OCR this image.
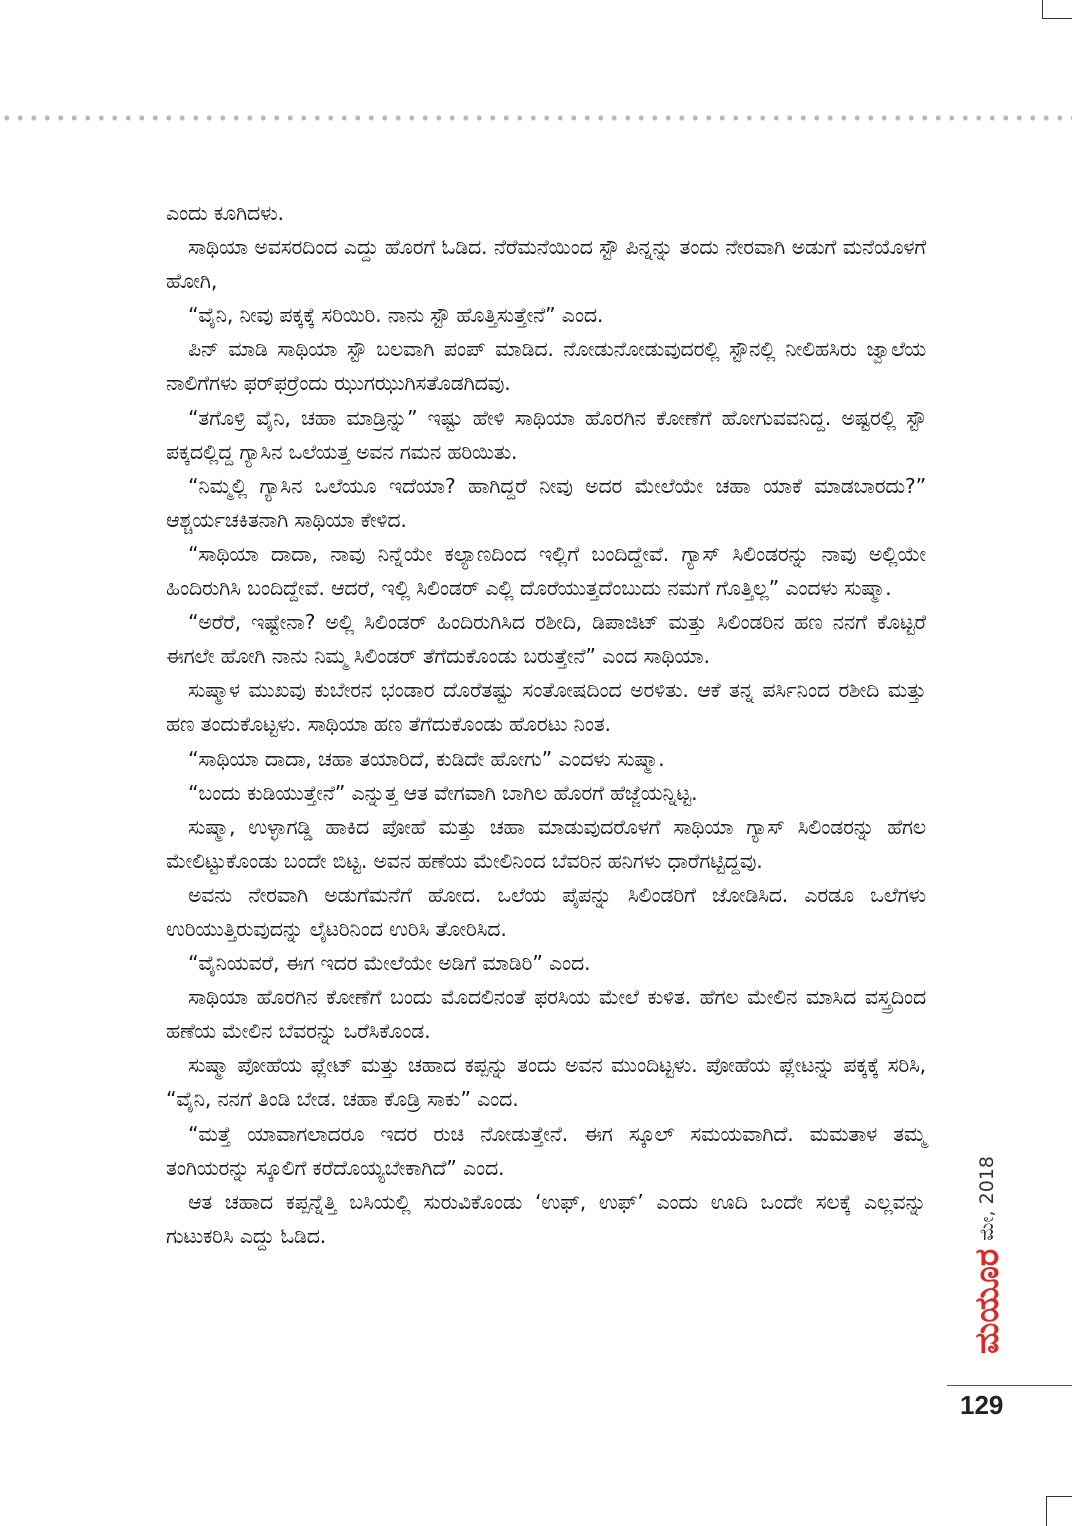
ಎಂದು ಕೂಗಿದಳು.

ಸಾಥಿಯಾ ಅವಸರದಿಂದ ಎದ್ದು ಹೊರಗೆ ಓಡಿದ. ನೆರೆಮನೆಯಿಂದ ಸ್ಟೌ ಪಿನ್ನನ್ನು ತಂದು ನೇರವಾಗಿ ಅಡುಗೆ ಮನೆಯೊಳಗೆ ಹೋಗಿ,

“ವೈನಿ, ನೀವು ಪಕ್ಕಕ್ಕೆ ಸರಿಯಿರಿ. ನಾನು ಸ್ಟೌ ಹೊತ್ತಿಸುತ್ತೇನೆ” ಎಂದ.

ಪಿನ್ ಮಾಡಿ ಸಾಥಿಯಾ ಸ್ಟೌ ಬಲವಾಗಿ ಪಂಪ್ ಮಾಡಿದ. ನೋಡುನೋಡುವುದರಲ್ಲಿ ಸ್ಟೌನಲ್ಲಿ ನೀಲಿಹಸಿರು ಜ್ವಾಲೆಯ ನಾಲಿಗೆಗಳು ಫರ್‌ಫರ್ರೆಂದು ಝುಗಝುಗಿಸತೊಡಗಿದವು.

“ತಗೊಳ್ರಿ ವೈನಿ, ಚಹಾ ಮಾಡ್ರಿನ್ನು” ಇಷ್ಟು ಹೇಳಿ ಸಾಥಿಯಾ ಹೊರಗಿನ ಕೋಣೆಗೆ ಹೋಗುವವನಿದ್ದ. ಅಷ್ಟರಲ್ಲಿ ಸ್ಟೌ ಪಕ್ಕದಲ್ಲಿದ್ದ ಗ್ಯಾಸಿನ ಒಲೆಯತ್ತ ಅವನ ಗಮನ ಹರಿಯಿತು.

“ನಿಮ್ಮಲ್ಲಿ ಗ್ಯಾಸಿನ ಒಲೆಯೂ ಇದೆಯಾ? ಹಾಗಿದ್ದರೆ ನೀವು ಅದರ ಮೇಲೆಯೇ ಚಹಾ ಯಾಕೆ ಮಾಡಬಾರದು?” ಆಶ್ಚರ್ಯಚಕಿತನಾಗಿ ಸಾಥಿಯಾ ಕೇಳಿದ.

“ಸಾಥಿಯಾ ದಾದಾ, ನಾವು ನಿನ್ನೆಯೇ ಕಲ್ಯಾಣದಿಂದ ಇಲ್ಲಿಗೆ ಬಂದಿದ್ದೇವೆ. ಗ್ಯಾಸ್ ಸಿಲಿಂಡರನ್ನು ನಾವು ಅಲ್ಲಿಯೇ ಹಿಂದಿರುಗಿಸಿ ಬಂದಿದ್ದೇವೆ. ಆದರೆ, ಇಲ್ಲಿ ಸಿಲಿಂಡರ್ ಎಲ್ಲಿ ದೊರೆಯುತ್ತದೆಂಬುದು ನಮಗೆ ಗೊತ್ತಿಲ್ಲ” ಎಂದಳು ಸುಷ್ಮಾ.

“ಅರೆರೆ, ಇಷ್ಟೇನಾ? ಅಲ್ಲಿ ಸಿಲಿಂಡರ್ ಹಿಂದಿರುಗಿಸಿದ ರಶೀದಿ, ಡಿಪಾಜಿಟ್ ಮತ್ತು ಸಿಲಿಂಡರಿನ ಹಣ ನನಗೆ ಕೊಟ್ಟರೆ ಈಗಲೇ ಹೋಗಿ ನಾನು ನಿಮ್ಮ ಸಿಲಿಂಡರ್ ತೆಗೆದುಕೊಂಡು ಬರುತ್ತೇನೆ” ಎಂದ ಸಾಥಿಯಾ.

ಸುಷ್ಮಾಳ ಮುಖವು ಕುಬೇರನ ಭಂಡಾರ ದೊರೆತಷ್ಟು ಸಂತೋಷದಿಂದ ಅರಳಿತು. ಆಕೆ ತನ್ನ ಪರ್ಸಿನಿಂದ ರಶೀದಿ ಮತ್ತು ಹಣ ತಂದುಕೊಟ್ಟಳು. ಸಾಥಿಯಾ ಹಣ ತೆಗೆದುಕೊಂಡು ಹೊರಟು ನಿಂತ.

“ಸಾಥಿಯಾ ದಾದಾ, ಚಹಾ ತಯಾರಿದೆ, ಕುಡಿದೇ ಹೋಗು” ಎಂದಳು ಸುಷ್ಮಾ.

“ಬಂದು ಕುಡಿಯುತ್ತೇನೆ” ಎನ್ನುತ್ತ ಆತ ವೇಗವಾಗಿ ಬಾಗಿಲ ಹೊರಗೆ ಹೆಜ್ಜೆಯನ್ನಿಟ್ಟ.

ಸುಷ್ಮಾ, ಉಳ್ಳಾಗಡ್ಡಿ ಹಾಕಿದ ಪೋಹೆ ಮತ್ತು ಚಹಾ ಮಾಡುವುದರೊಳಗೆ ಸಾಥಿಯಾ ಗ್ಯಾಸ್ ಸಿಲಿಂಡರನ್ನು ಹೆಗಲ ಮೇಲಿಟ್ಟುಕೊಂಡು ಬಂದೇ ಬಿಟ್ಟ. ಅವನ ಹಣೆಯ ಮೇಲಿನಿಂದ ಬೆವರಿನ ಹನಿಗಳು ಧಾರೆಗಟ್ಟಿದ್ದವು.

ಅವನು ನೇರವಾಗಿ ಅಡುಗೆಮನೆಗೆ ಹೋದ. ಒಲೆಯ ಪೈಪನ್ನು ಸಿಲಿಂಡರಿಗೆ ಜೋಡಿಸಿದ. ಎರಡೂ ಒಲೆಗಳು ಉರಿಯುತ್ತಿರುವುದನ್ನು ಲೈಟರಿನಿಂದ ಉರಿಸಿ ತೋರಿಸಿದ.

“ವೈನಿಯವರೆ, ಈಗ ಇದರ ಮೇಲೆಯೇ ಅಡಿಗೆ ಮಾಡಿರಿ” ಎಂದ.

ಸಾಥಿಯಾ ಹೊರಗಿನ ಕೋಣೆಗೆ ಬಂದು ಮೊದಲಿನಂತೆ ಫರಸಿಯ ಮೇಲೆ ಕುಳಿತ. ಹೆಗಲ ಮೇಲಿನ ಮಾಸಿದ ವಸ್ತ್ರದಿಂದ ಹಣೆಯ ಮೇಲಿನ ಬೆವರನ್ನು ಒರೆಸಿಕೊಂಡ.

ಸುಷ್ಮಾ ಪೋಹೆಯ ಪ್ಲೇಟ್ ಮತ್ತು ಚಹಾದ ಕಪ್ಪನ್ನು ತಂದು ಅವನ ಮುಂದಿಟ್ಟಳು. ಪೋಹೆಯ ಪ್ಲೇಟನ್ನು ಪಕ್ಕಕ್ಕೆ ಸರಿಸಿ, “ವೈನಿ, ನನಗೆ ತಿಂಡಿ ಬೇಡ. ಚಹಾ ಕೊಡ್ರಿ ಸಾಕು” ಎಂದ.

“ಮತ್ತೆ ಯಾವಾಗಲಾದರೂ ಇದರ ರುಚಿ ನೋಡುತ್ತೇನೆ. ಈಗ ಸ್ಕೂಲ್ ಸಮಯವಾಗಿದೆ. ಮಮತಾಳ ತಮ್ಮ ತಂಗಿಯರನ್ನು ಸ್ಕೂಲಿಗೆ ಕರೆದೊಯ್ಯಬೇಕಾಗಿದೆ” ಎಂದ.

ಆತ ಚಹಾದ ಕಪ್ಪನ್ನೆತ್ತಿ ಬಸಿಯಲ್ಲಿ ಸುರುವಿಕೊಂಡು ‘ಉಫ್, ಉಫ್’ ಎಂದು ಊದಿ ಒಂದೇ ಸಲಕ್ಕೆ ಎಲ್ಲವನ್ನು ಗುಟುಕರಿಸಿ ಎದ್ದು ಓಡಿದ.

ಮಯೂರ
ಮೇ, 2018
129
